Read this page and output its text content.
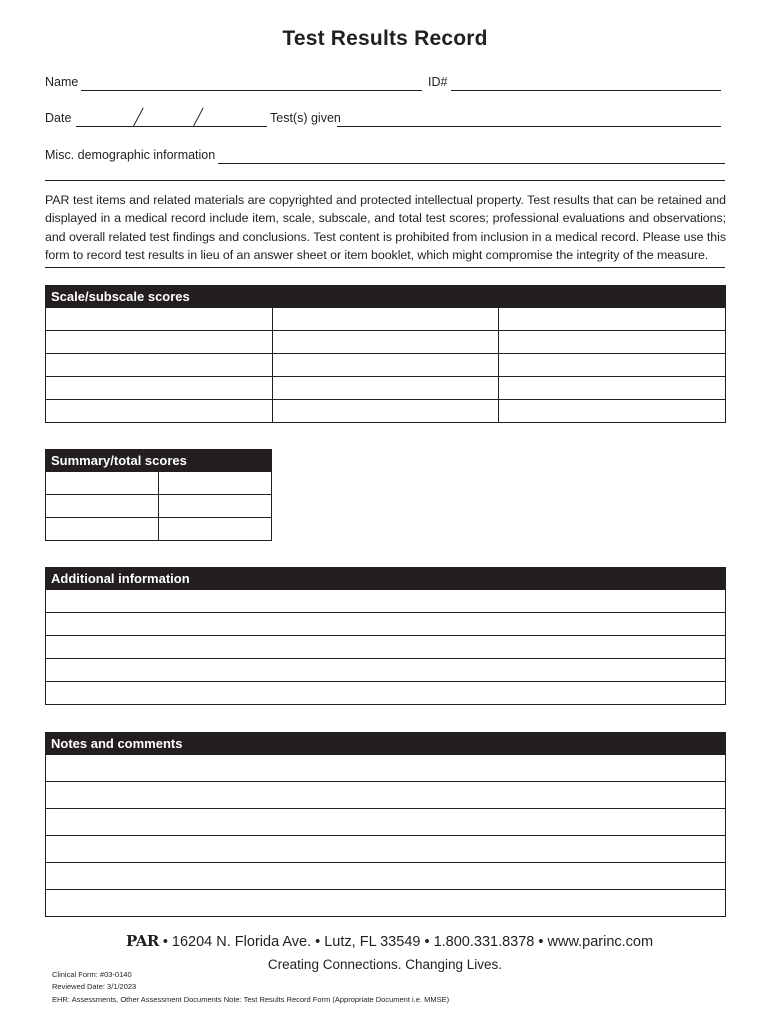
Test Results Record
Name	ID#
Date	Test(s) given
Misc. demographic information
PAR test items and related materials are copyrighted and protected intellectual property. Test results that can be retained and displayed in a medical record include item, scale, subscale, and total test scores; professional evaluations and observations; and overall related test findings and conclusions. Test content is prohibited from inclusion in a medical record. Please use this form to record test results in lieu of an answer sheet or item booklet, which might compromise the integrity of the measure.
Scale/subscale scores

Summary/total scores

Additional information

Notes and comments

PAR • 16204 N. Florida Ave. • Lutz, FL 33549 • 1.800.331.8378 • www.parinc.com
Creating Connections. Changing Lives.
Clinical Form: #03-0140
Reviewed Date: 3/1/2023
EHR: Assessments, Other Assessment Documents Note: Test Results Record Form (Appropriate Document i.e. MMSE)
